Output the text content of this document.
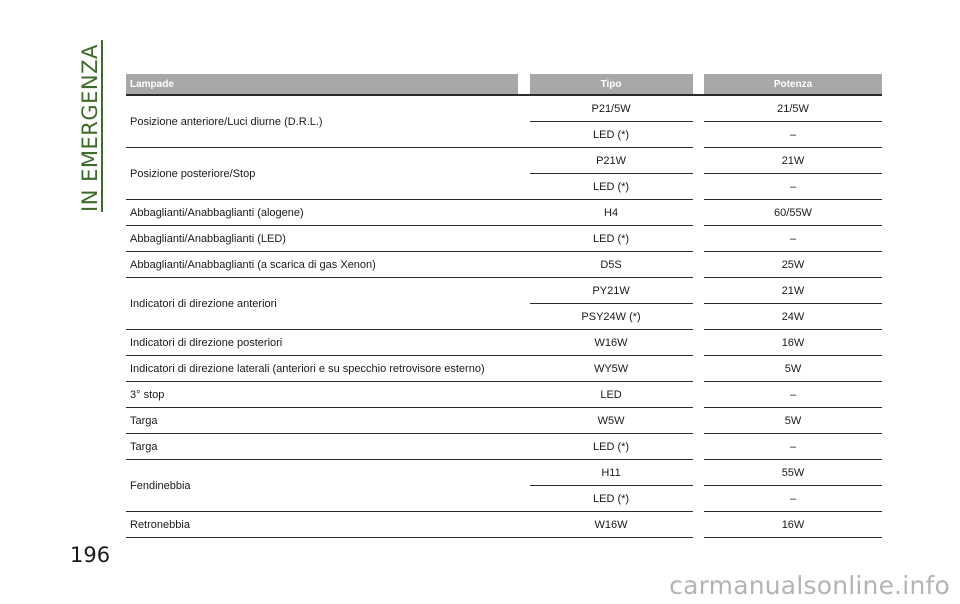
IN EMERGENZA	Lampade		Tipo		Potenza
Posizione anteriore/Luci diurne (D.R.L.)		P21/5W		21/5W
		LED (*)		–
Posizione posteriore/Stop		P21W		21W
		LED (*)		–
Abbaglianti/Anabbaglianti (alogene)		H4		60/55W
Abbaglianti/Anabbaglianti (LED)		LED (*)		–
Abbaglianti/Anabbaglianti (a scarica di gas Xenon)		D5S		25W
Indicatori di direzione anteriori		PY21W		21W
		PSY24W (*)		24W
Indicatori di direzione posteriori		W16W		16W
Indicatori di direzione laterali (anteriori e su specchio retrovisore esterno)		WY5W		5W
3° stop		LED		–
Targa		W5W		5W
Targa		LED (*)		–
Fendinebbia		H11		55W
		LED (*)		–
Retronebbia		W16W		16W
196
carmanualsonline.info
